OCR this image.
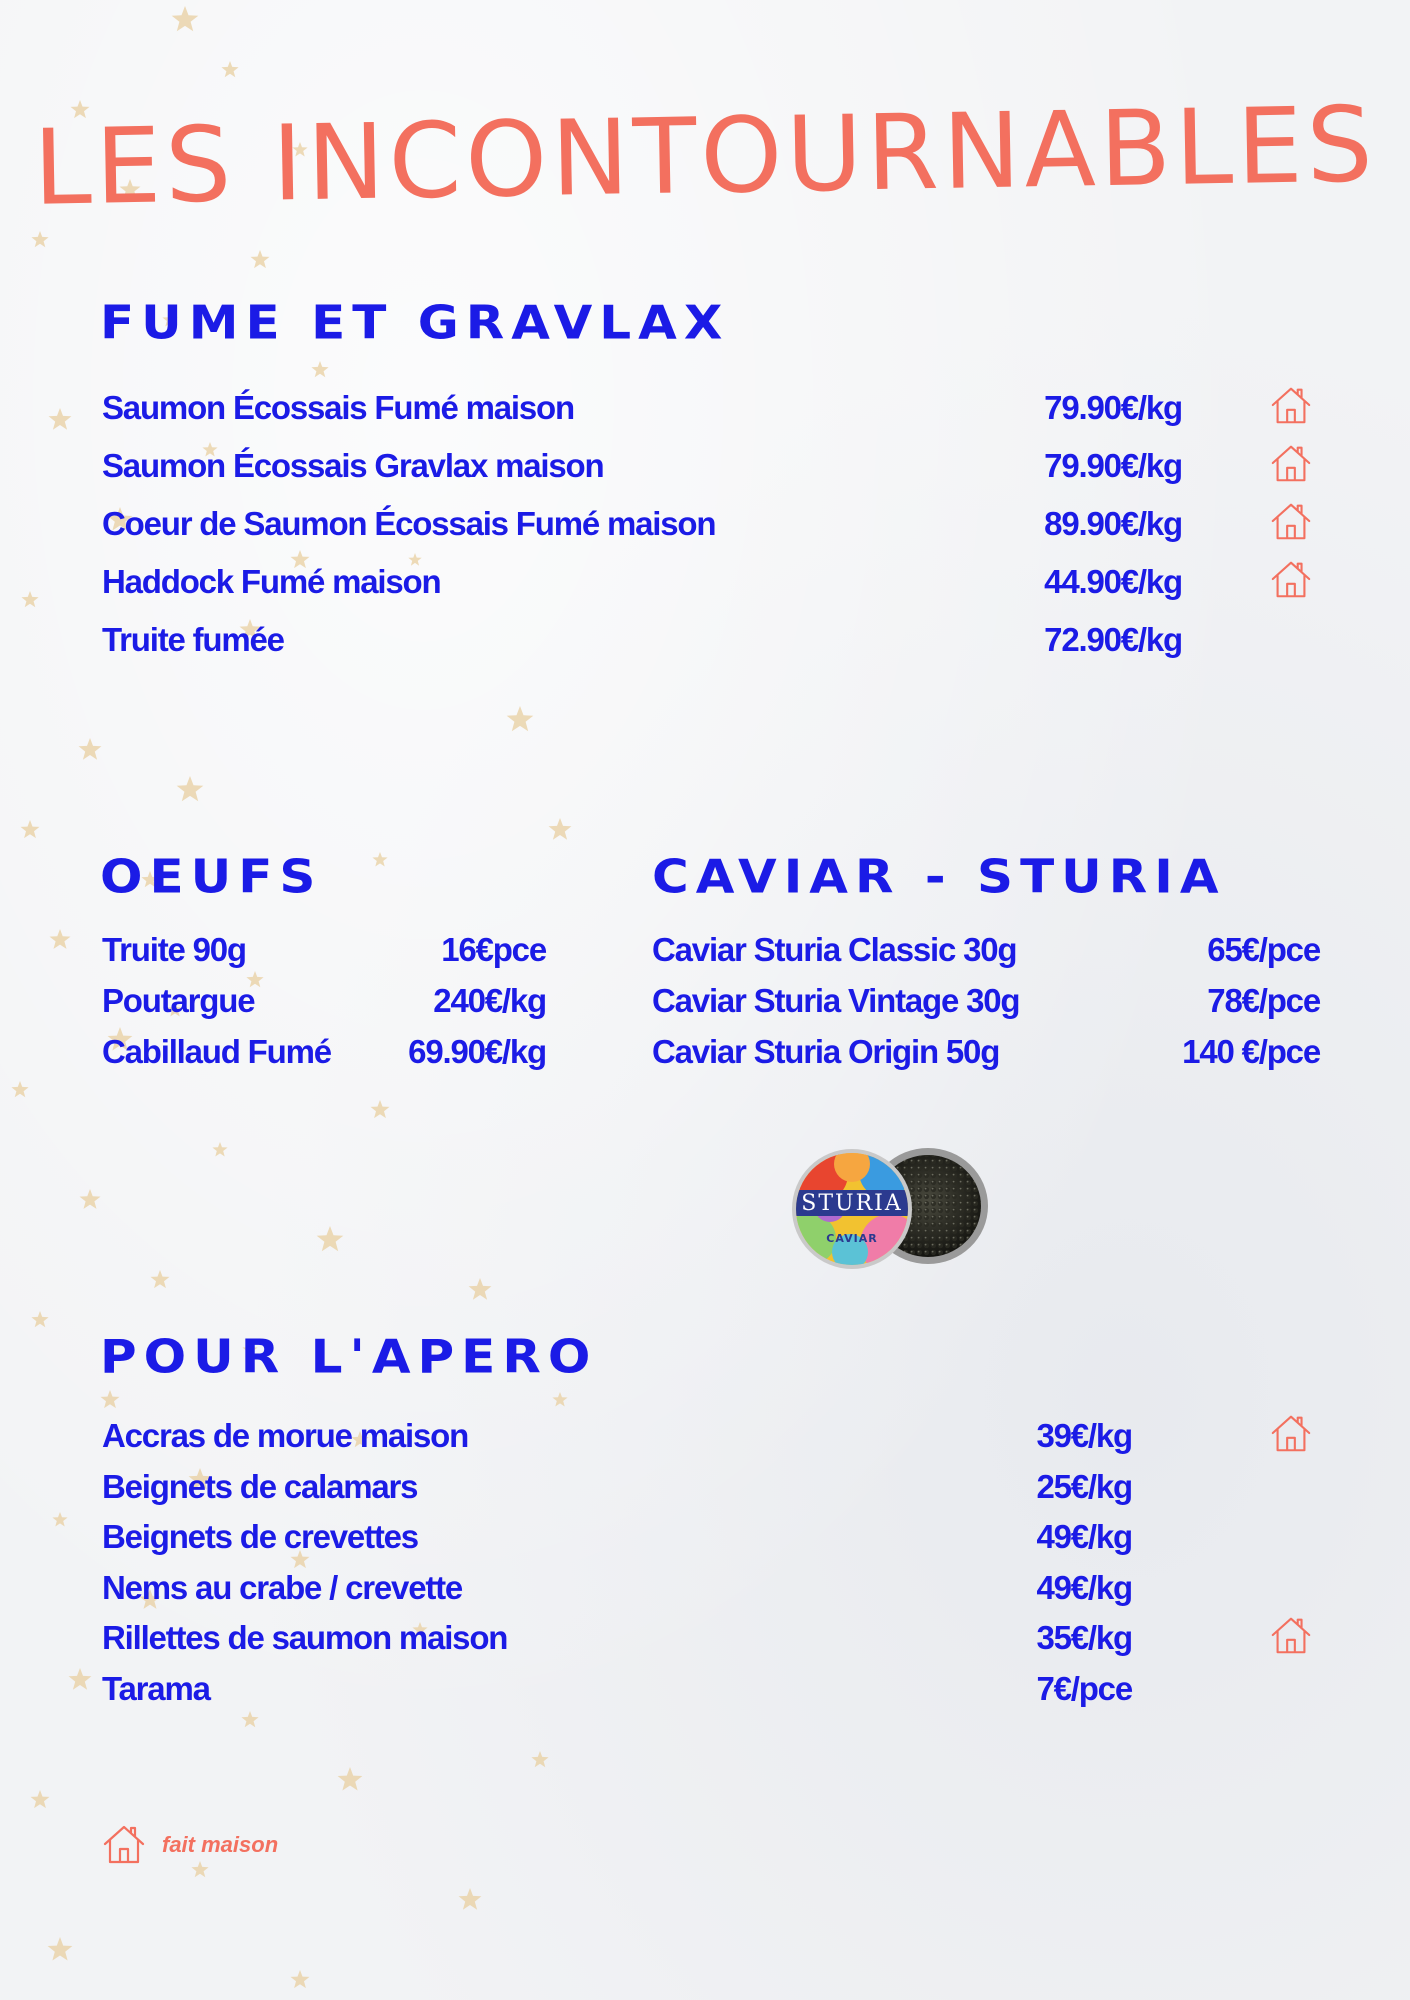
LES INCONTOURNABLES
FUME ET GRAVLAX
Saumon Écossais Fumé maison	79.90€/kg
Saumon Écossais Gravlax maison	79.90€/kg
Coeur de Saumon Écossais Fumé maison	89.90€/kg
Haddock Fumé maison	44.90€/kg
Truite fumée	72.90€/kg
OEUFS
Truite 90g	16€pce
Poutargue	240€/kg
Cabillaud Fumé	69.90€/kg
CAVIAR - STURIA
Caviar Sturia Classic 30g	65€/pce
Caviar Sturia Vintage 30g	78€/pce
Caviar Sturia Origin 50g	140 €/pce
STURIA
CAVIAR
POUR L'APERO
Accras de morue maison	39€/kg
Beignets de calamars	25€/kg
Beignets de crevettes	49€/kg
Nems au crabe / crevette	49€/kg
Rillettes de saumon maison	35€/kg
Tarama	7€/pce
fait maison
